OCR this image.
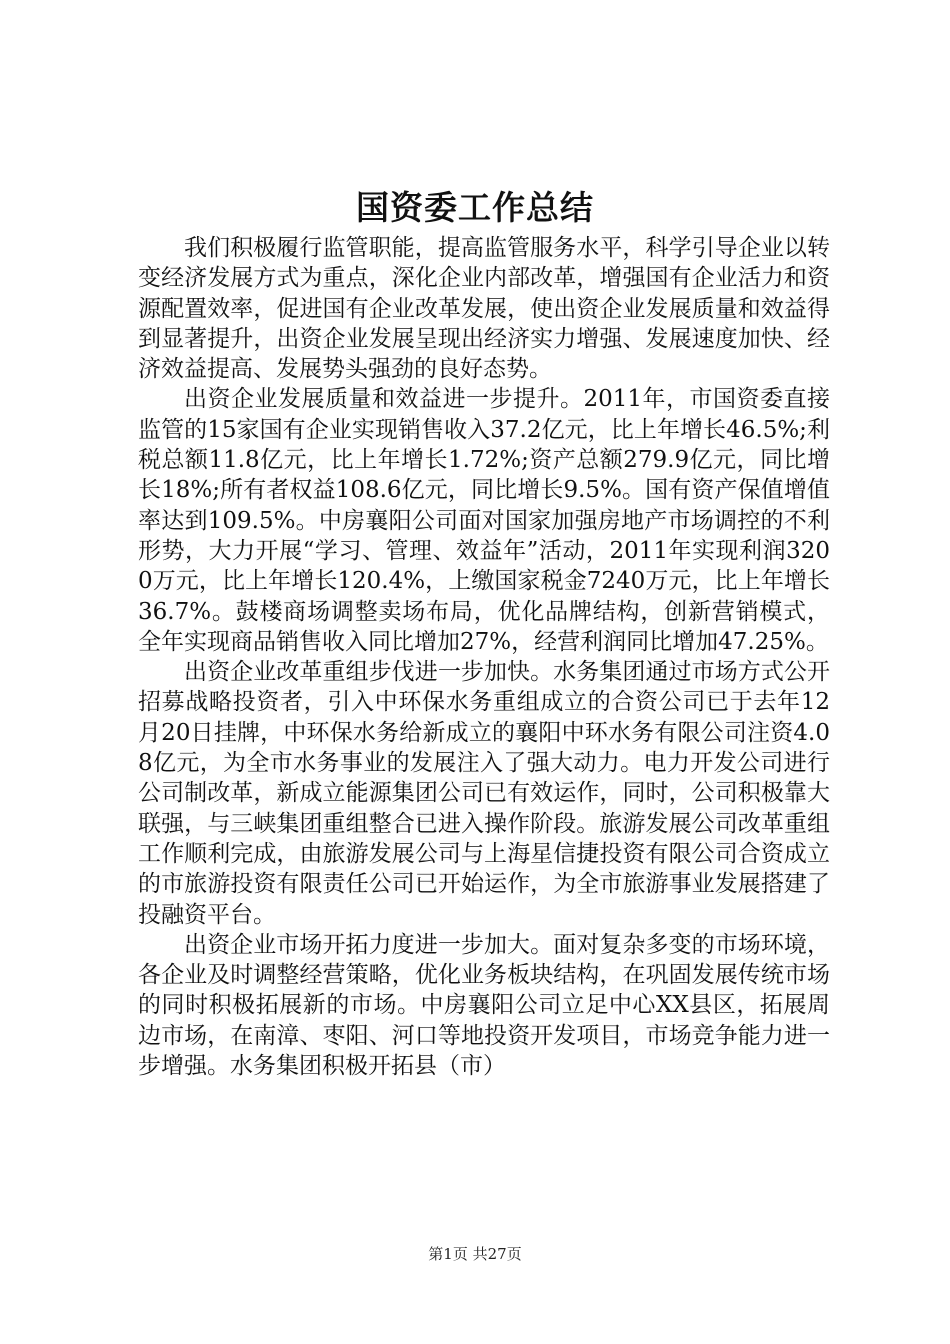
国资委工作总结

我们积极履行监管职能，提高监管服务水平，科学引导企业以转变经济发展方式为重点，深化企业内部改革，增强国有企业活力和资源配置效率，促进国有企业改革发展，使出资企业发展质量和效益得到显著提升，出资企业发展呈现出经济实力增强、发展速度加快、经济效益提高、发展势头强劲的良好态势。

出资企业发展质量和效益进一步提升。2011年，市国资委直接监管的15家国有企业实现销售收入37.2亿元，比上年增长46.5%;利税总额11.8亿元，比上年增长1.72%;资产总额279.9亿元，同比增长18%;所有者权益108.6亿元，同比增长9.5%。国有资产保值增值率达到109.5%。中房襄阳公司面对国家加强房地产市场调控的不利形势，大力开展“学习、管理、效益年”活动，2011年实现利润3200万元，比上年增长120.4%，上缴国家税金7240万元，比上年增长36.7%。鼓楼商场调整卖场布局，优化品牌结构，创新营销模式，全年实现商品销售收入同比增加27%，经营利润同比增加47.25%。

出资企业改革重组步伐进一步加快。水务集团通过市场方式公开招募战略投资者，引入中环保水务重组成立的合资公司已于去年12月20日挂牌，中环保水务给新成立的襄阳中环水务有限公司注资4.08亿元，为全市水务事业的发展注入了强大动力。电力开发公司进行公司制改革，新成立能源集团公司已有效运作，同时，公司积极靠大联强，与三峡集团重组整合已进入操作阶段。旅游发展公司改革重组工作顺利完成，由旅游发展公司与上海星信捷投资有限公司合资成立的市旅游投资有限责任公司已开始运作，为全市旅游事业发展搭建了投融资平台。

出资企业市场开拓力度进一步加大。面对复杂多变的市场环境，各企业及时调整经营策略，优化业务板块结构，在巩固发展传统市场的同时积极拓展新的市场。中房襄阳公司立足中心XX县区，拓展周边市场，在南漳、枣阳、河口等地投资开发项目，市场竞争能力进一步增强。水务集团积极开拓县（市）

第1页 共27页
